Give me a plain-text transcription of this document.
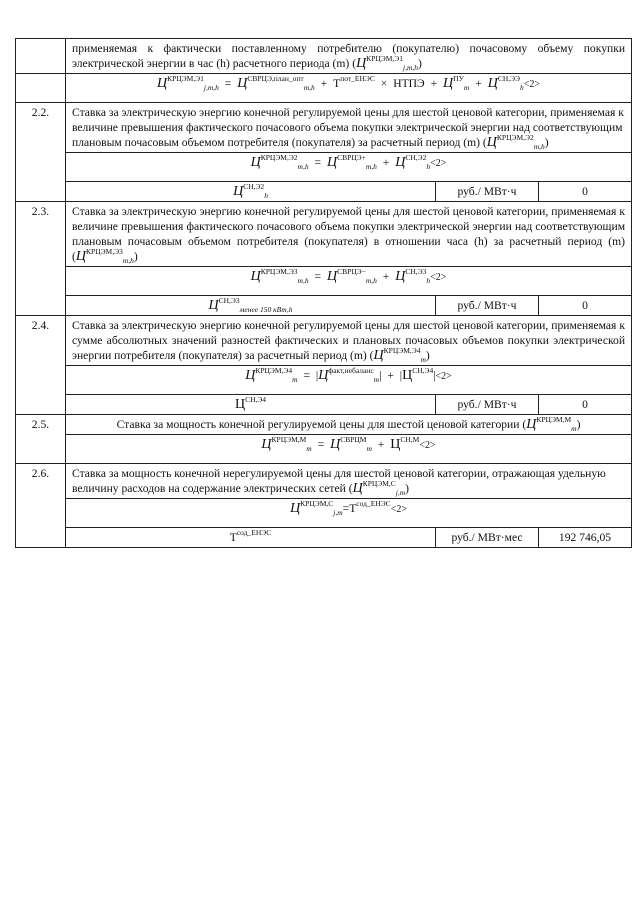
	применяемая к фактически поставленному потребителю (покупателю) почасовому объему покупки электрической энергии в час (h) расчетного периода (m) $(Ц^{КРЦЭМ,Э1}_{j,m,h})$		
	$Ц^{КРЦЭМ,Э1}_{j,m,h} = Ц^{СВРЦЭ,план\_опт}_{m,h} + Т^{пот\_ЕНЭС}$ × НТПЭ + $Ц^{ПУ}_m + Ц^{СН,ЭЭ}_h<2>$		
2.2.	Ставка за электрическую энергию конечной регулируемой цены для шестой ценовой категории, применяемая к величине превышения фактического почасового объема покупки электрической энергии над соответствующим плановым почасовым объемом потребителя (покупателя) за расчетный период (m) $(Ц^{КРЦЭМ,Э2}_{m,h})$		
	$Ц^{КРЦЭМ,Э2}_{m,h} = Ц^{СВРЦЭ+}_{m,h} + Ц^{СН,Э2}_h<2>$		
	$Ц^{СН,Э2}_h$	руб./ МВт·ч	0
2.3.	Ставка за электрическую энергию конечной регулируемой цены для шестой ценовой категории, применяемая к величине превышения фактического почасового объема покупки электрической энергии над соответствующим плановым почасовым объемом потребителя (покупателя) в отношении часа (h) за расчетный период (m) $(Ц^{КРЦЭМ,Э3}_{m,h})$		
	$Ц^{КРЦЭМ,Э3}_{m,h} = Ц^{СВРЦЭ-}_{m,h} + Ц^{СН,Э3}_h<2>$		
	$Ц^{СН,Э3}_{менее 150 кВт,h}$	руб./ МВт·ч	0
2.4.	Ставка за электрическую энергию конечной регулируемой цены для шестой ценовой категории, применяемая к сумме абсолютных значений разностей фактических и плановых почасовых объемов покупки электрической энергии потребителя (покупателя) за расчетный период (m) $(Ц^{КРЦЭМ,Э4}_m)$		
	$Ц^{КРЦЭМ,Э4}_m = |Ц^{факт,небаланс}_m| + |Ц^{СН,Э4}|<2>$		
	$Ц^{СН,Э4}$	руб./ МВт·ч	0
2.5.	Ставка за мощность конечной регулируемой цены для шестой ценовой категории $(Ц^{КРЦЭМ,М}_m)$		
	$Ц^{КРЦЭМ,М}_m = Ц^{СВРЦМ}_m + Ц^{СН,М}<2>$		
2.6.	Ставка за мощность конечной нерегулируемой цены для шестой ценовой категории, отражающая удельную величину расходов на содержание электрических сетей $(Ц^{КРЦЭМ,С}_{j,m})$		
	$Ц^{КРЦЭМ,С}_{j,m}=Т^{сод\_ЕНЭС}<2>$		
	$Т^{сод\_ЕНЭС}$	руб./ МВт·мес	192 746,05
